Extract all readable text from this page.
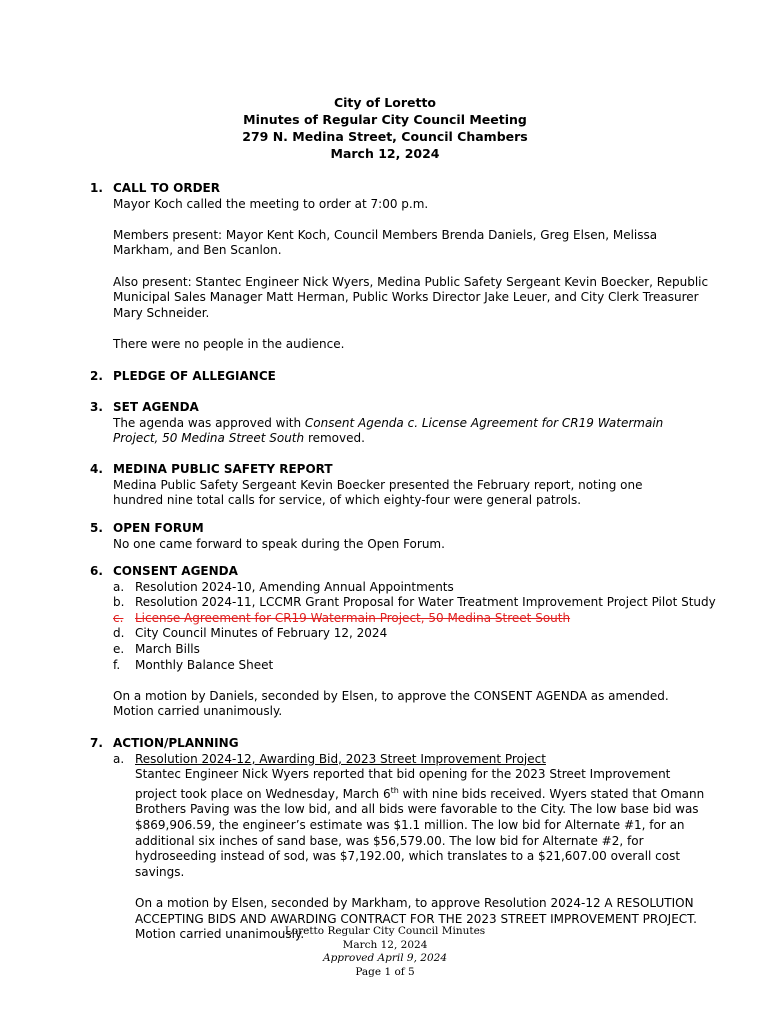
City of Loretto
Minutes of Regular City Council Meeting
279 N. Medina Street, Council Chambers
March 12, 2024
1. CALL TO ORDER

Mayor Koch called the meeting to order at 7:00 p.m.

Members present: Mayor Kent Koch, Council Members Brenda Daniels, Greg Elsen, Melissa Markham, and Ben Scanlon.

Also present: Stantec Engineer Nick Wyers, Medina Public Safety Sergeant Kevin Boecker, Republic Municipal Sales Manager Matt Herman, Public Works Director Jake Leuer, and City Clerk Treasurer Mary Schneider.

There were no people in the audience.

2. PLEDGE OF ALLEGIANCE
3. SET AGENDA

The agenda was approved with Consent Agenda c. License Agreement for CR19 Watermain Project, 50 Medina Street South removed.

4. MEDINA PUBLIC SAFETY REPORT

Medina Public Safety Sergeant Kevin Boecker presented the February report, noting one hundred nine total calls for service, of which eighty-four were general patrols.

5. OPEN FORUM

No one came forward to speak during the Open Forum.

6. CONSENT AGENDA
a. Resolution 2024-10, Amending Annual Appointments
b. Resolution 2024-11, LCCMR Grant Proposal for Water Treatment Improvement Project Pilot Study
c. License Agreement for CR19 Watermain Project, 50 Medina Street South
d. City Council Minutes of February 12, 2024
e. March Bills
f.	Monthly Balance Sheet

On a motion by Daniels, seconded by Elsen, to approve the CONSENT AGENDA as amended. Motion carried unanimously.

7. ACTION/PLANNING
a. Resolution 2024-12, Awarding Bid, 2023 Street Improvement Project

Stantec Engineer Nick Wyers reported that bid opening for the 2023 Street Improvement project took place on Wednesday, March 6th with nine bids received. Wyers stated that Omann Brothers Paving was the low bid, and all bids were favorable to the City. The low base bid was $869,906.59, the engineer’s estimate was $1.1 million. The low bid for Alternate #1, for an additional six inches of sand base, was $56,579.00. The low bid for Alternate #2, for hydroseeding instead of sod, was $7,192.00, which translates to a $21,607.00 overall cost savings.

On a motion by Elsen, seconded by Markham, to approve Resolution 2024-12 A RESOLUTION ACCEPTING BIDS AND AWARDING CONTRACT FOR THE 2023 STREET IMPROVEMENT PROJECT. Motion carried unanimously.

Loretto Regular City Council Minutes
March 12, 2024
Approved April 9, 2024
Page 1 of 5
